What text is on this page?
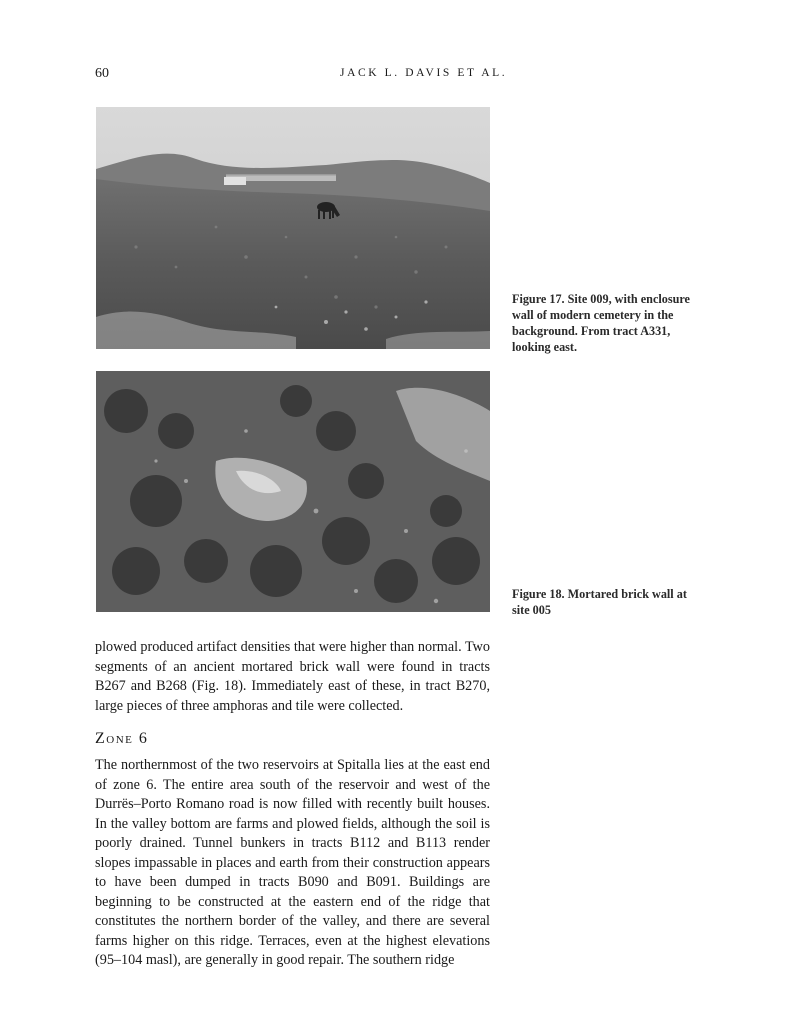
60	JACK L. DAVIS ET AL.
Figure 17. Site 009, with enclosure wall of modern cemetery in the background. From tract A331, looking east.
Figure 18. Mortared brick wall at site 005

plowed produced artifact densities that were higher than normal. Two segments of an ancient mortared brick wall were found in tracts B267 and B268 (Fig. 18). Immediately east of these, in tract B270, large pieces of three amphoras and tile were collected.

Zone 6

The northernmost of the two reservoirs at Spitalla lies at the east end of zone 6. The entire area south of the reservoir and west of the Durrës–Porto Romano road is now filled with recently built houses. In the valley bottom are farms and plowed fields, although the soil is poorly drained. Tunnel bunkers in tracts B112 and B113 render slopes impassable in places and earth from their construction appears to have been dumped in tracts B090 and B091. Buildings are beginning to be constructed at the eastern end of the ridge that constitutes the northern border of the valley, and there are several farms higher on this ridge. Terraces, even at the highest elevations (95–104 masl), are generally in good repair. The southern ridge
